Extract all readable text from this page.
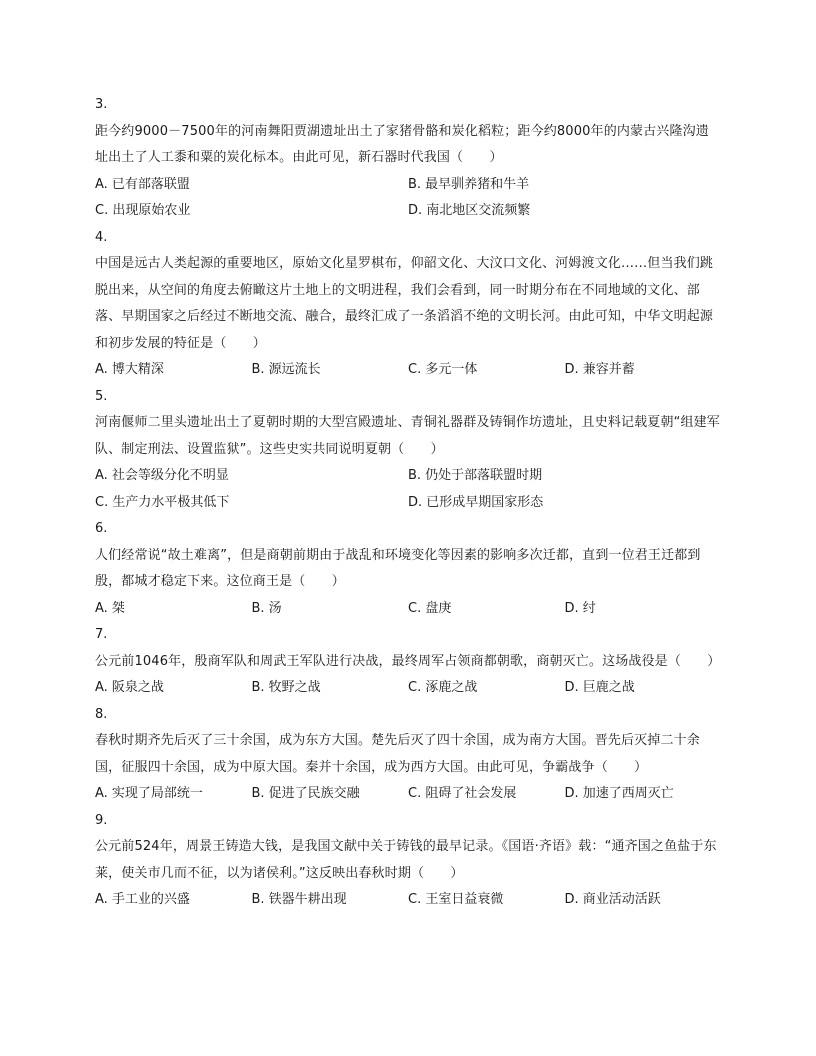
3.
距今约9000－7500年的河南舞阳贾湖遗址出土了家猪骨骼和炭化稻粒；距今约8000年的内蒙古兴隆沟遗址出土了人工黍和粟的炭化标本。由此可见，新石器时代我国（　　）
A. 已有部落联盟	B. 最早驯养猪和牛羊
C. 出现原始农业	D. 南北地区交流频繁
4.
中国是远古人类起源的重要地区，原始文化星罗棋布，仰韶文化、大汶口文化、河姆渡文化……但当我们跳脱出来，从空间的角度去俯瞰这片土地上的文明进程，我们会看到，同一时期分布在不同地域的文化、部落、早期国家之后经过不断地交流、融合，最终汇成了一条滔滔不绝的文明长河。由此可知，中华文明起源和初步发展的特征是（　　）
A. 博大精深	B. 源远流长	C. 多元一体	D. 兼容并蓄
5.
河南偃师二里头遗址出土了夏朝时期的大型宫殿遗址、青铜礼器群及铸铜作坊遗址，且史料记载夏朝“组建军队、制定刑法、设置监狱”。这些史实共同说明夏朝（　　）
A. 社会等级分化不明显	B. 仍处于部落联盟时期
C. 生产力水平极其低下	D. 已形成早期国家形态
6.
人们经常说“故土难离”，但是商朝前期由于战乱和环境变化等因素的影响多次迁都，直到一位君王迁都到殷，都城才稳定下来。这位商王是（　　）
A. 桀	B. 汤	C. 盘庚	D. 纣
7.
公元前1046年，殷商军队和周武王军队进行决战，最终周军占领商都朝歌，商朝灭亡。这场战役是（　　）
A. 阪泉之战	B. 牧野之战	C. 涿鹿之战	D. 巨鹿之战
8.
春秋时期齐先后灭了三十余国，成为东方大国。楚先后灭了四十余国，成为南方大国。晋先后灭掉二十余国，征服四十余国，成为中原大国。秦并十余国，成为西方大国。由此可见，争霸战争（　　）
A. 实现了局部统一	B. 促进了民族交融	C. 阻碍了社会发展	D. 加速了西周灭亡
9.
公元前524年，周景王铸造大钱，是我国文献中关于铸钱的最早记录。《国语·齐语》载：“通齐国之鱼盐于东莱，使关市几而不征，以为诸侯利。”这反映出春秋时期（　　）
A. 手工业的兴盛	B. 铁器牛耕出现	C. 王室日益衰微	D. 商业活动活跃
